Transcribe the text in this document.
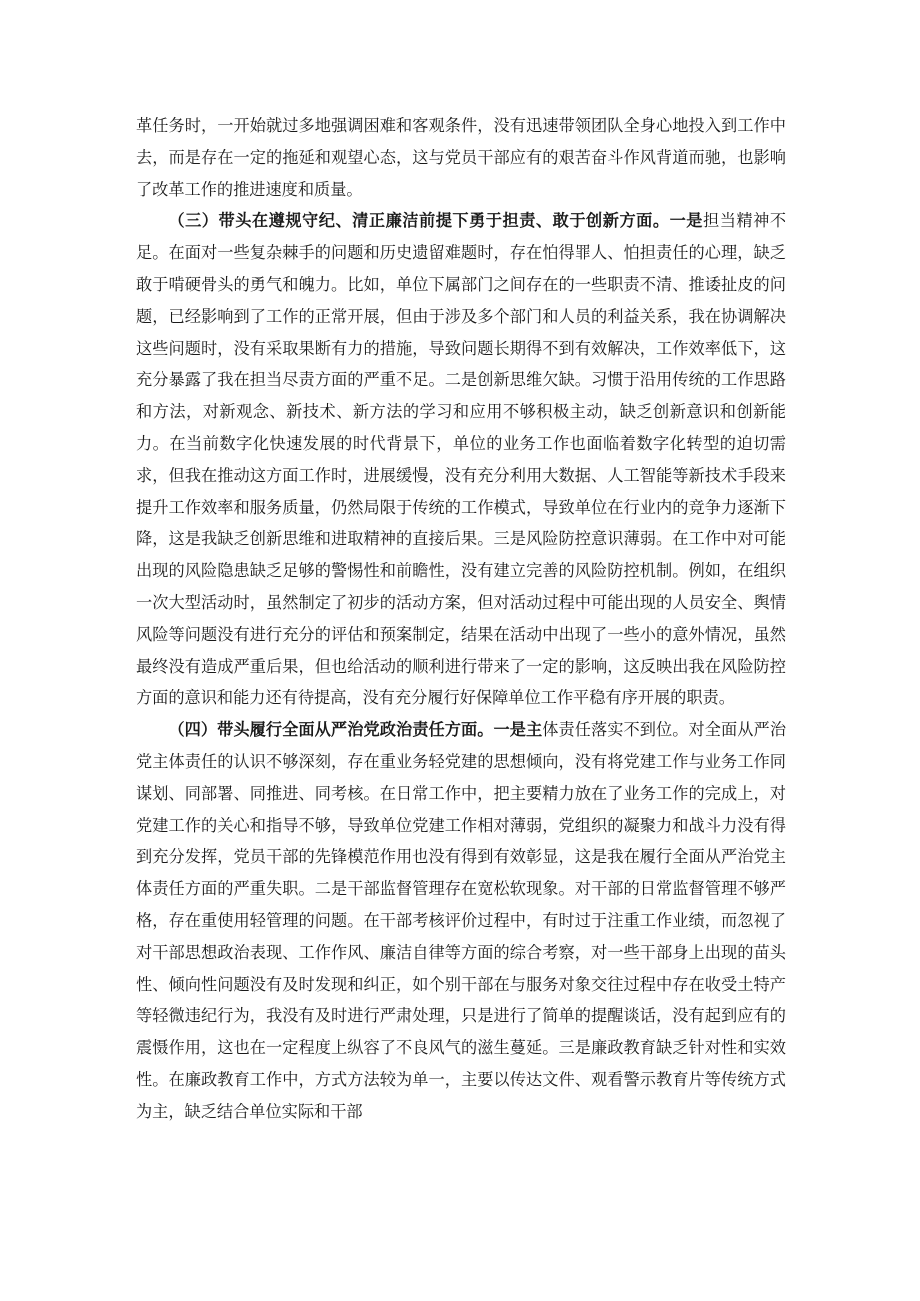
革任务时，一开始就过多地强调困难和客观条件，没有迅速带领团队全身心地投入到工作中去，而是存在一定的拖延和观望心态，这与党员干部应有的艰苦奋斗作风背道而驰，也影响了改革工作的推进速度和质量。

（三）带头在遵规守纪、清正廉洁前提下勇于担责、敢于创新方面。一是担当精神不足。在面对一些复杂棘手的问题和历史遗留难题时，存在怕得罪人、怕担责任的心理，缺乏敢于啃硬骨头的勇气和魄力。比如，单位下属部门之间存在的一些职责不清、推诿扯皮的问题，已经影响到了工作的正常开展，但由于涉及多个部门和人员的利益关系，我在协调解决这些问题时，没有采取果断有力的措施，导致问题长期得不到有效解决，工作效率低下，这充分暴露了我在担当尽责方面的严重不足。二是创新思维欠缺。习惯于沿用传统的工作思路和方法，对新观念、新技术、新方法的学习和应用不够积极主动，缺乏创新意识和创新能力。在当前数字化快速发展的时代背景下，单位的业务工作也面临着数字化转型的迫切需求，但我在推动这方面工作时，进展缓慢，没有充分利用大数据、人工智能等新技术手段来提升工作效率和服务质量，仍然局限于传统的工作模式，导致单位在行业内的竞争力逐渐下降，这是我缺乏创新思维和进取精神的直接后果。三是风险防控意识薄弱。在工作中对可能出现的风险隐患缺乏足够的警惕性和前瞻性，没有建立完善的风险防控机制。例如，在组织一次大型活动时，虽然制定了初步的活动方案，但对活动过程中可能出现的人员安全、舆情风险等问题没有进行充分的评估和预案制定，结果在活动中出现了一些小的意外情况，虽然最终没有造成严重后果，但也给活动的顺利进行带来了一定的影响，这反映出我在风险防控方面的意识和能力还有待提高，没有充分履行好保障单位工作平稳有序开展的职责。

（四）带头履行全面从严治党政治责任方面。一是主体责任落实不到位。对全面从严治党主体责任的认识不够深刻，存在重业务轻党建的思想倾向，没有将党建工作与业务工作同谋划、同部署、同推进、同考核。在日常工作中，把主要精力放在了业务工作的完成上，对党建工作的关心和指导不够，导致单位党建工作相对薄弱，党组织的凝聚力和战斗力没有得到充分发挥，党员干部的先锋模范作用也没有得到有效彰显，这是我在履行全面从严治党主体责任方面的严重失职。二是干部监督管理存在宽松软现象。对干部的日常监督管理不够严格，存在重使用轻管理的问题。在干部考核评价过程中，有时过于注重工作业绩，而忽视了对干部思想政治表现、工作作风、廉洁自律等方面的综合考察，对一些干部身上出现的苗头性、倾向性问题没有及时发现和纠正，如个别干部在与服务对象交往过程中存在收受土特产等轻微违纪行为，我没有及时进行严肃处理，只是进行了简单的提醒谈话，没有起到应有的震慑作用，这也在一定程度上纵容了不良风气的滋生蔓延。三是廉政教育缺乏针对性和实效性。在廉政教育工作中，方式方法较为单一，主要以传达文件、观看警示教育片等传统方式为主，缺乏结合单位实际和干部
